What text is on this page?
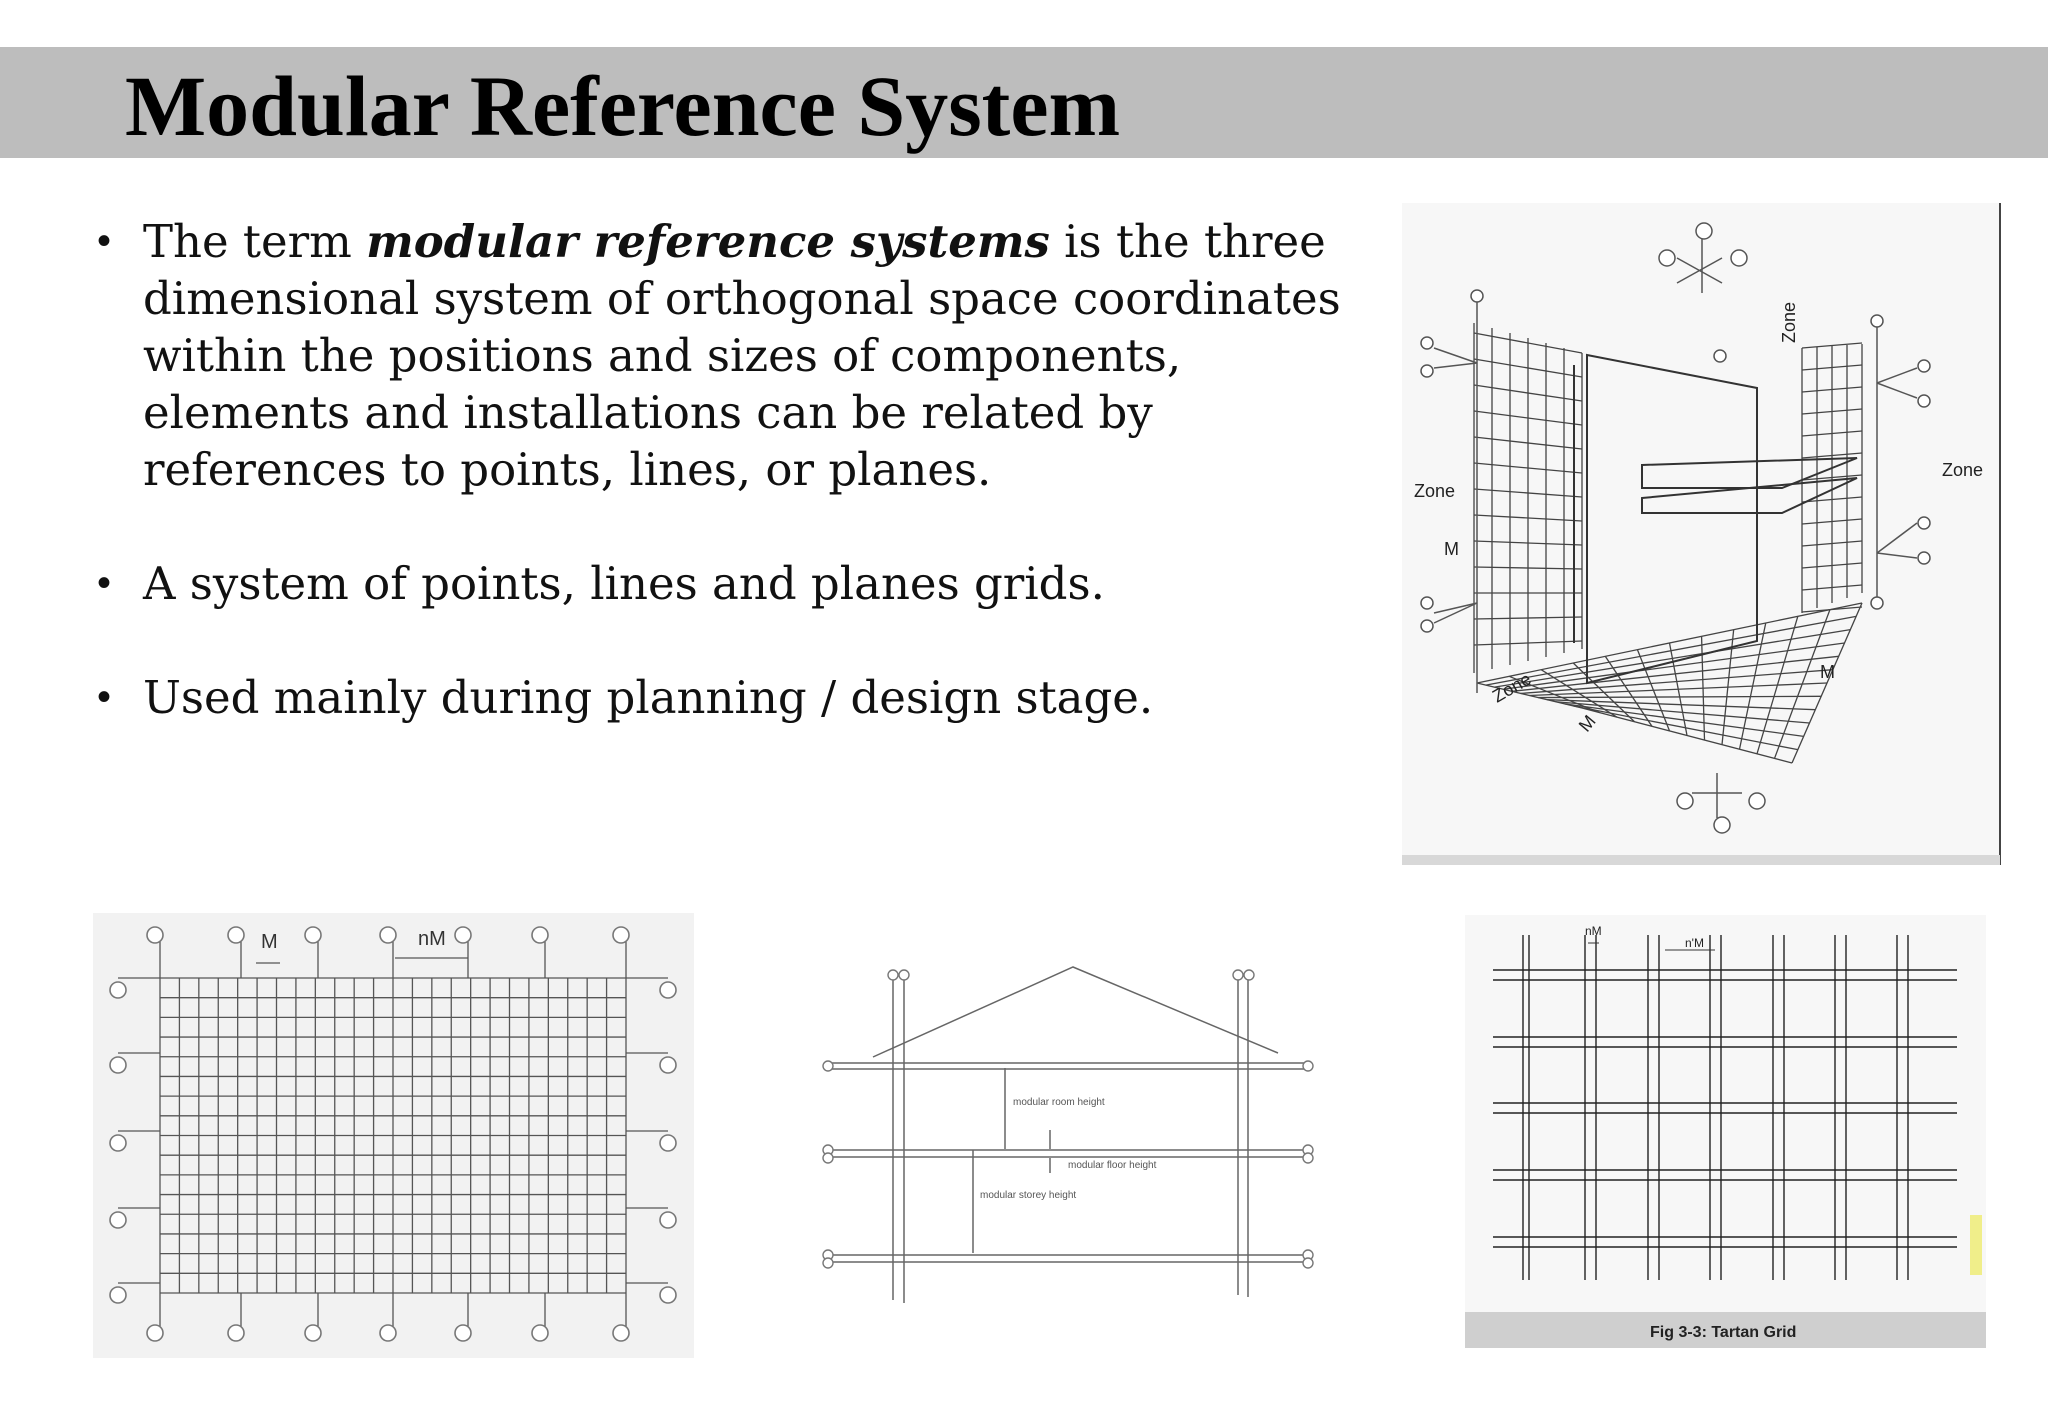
Modular Reference System
• The term modular reference systems is the three dimensional system of orthogonal space coordinates within the positions and sizes of components, elements and installations can be related by references to points, lines, or planes.
• A system of points, lines and planes grids.
• Used mainly during planning / design stage.
Zone
Zone
Zone
Zone
M
M
M
M	nM
modular room height
modular floor height
modular storey height
nM
n'M
Fig 3-3: Tartan Grid
